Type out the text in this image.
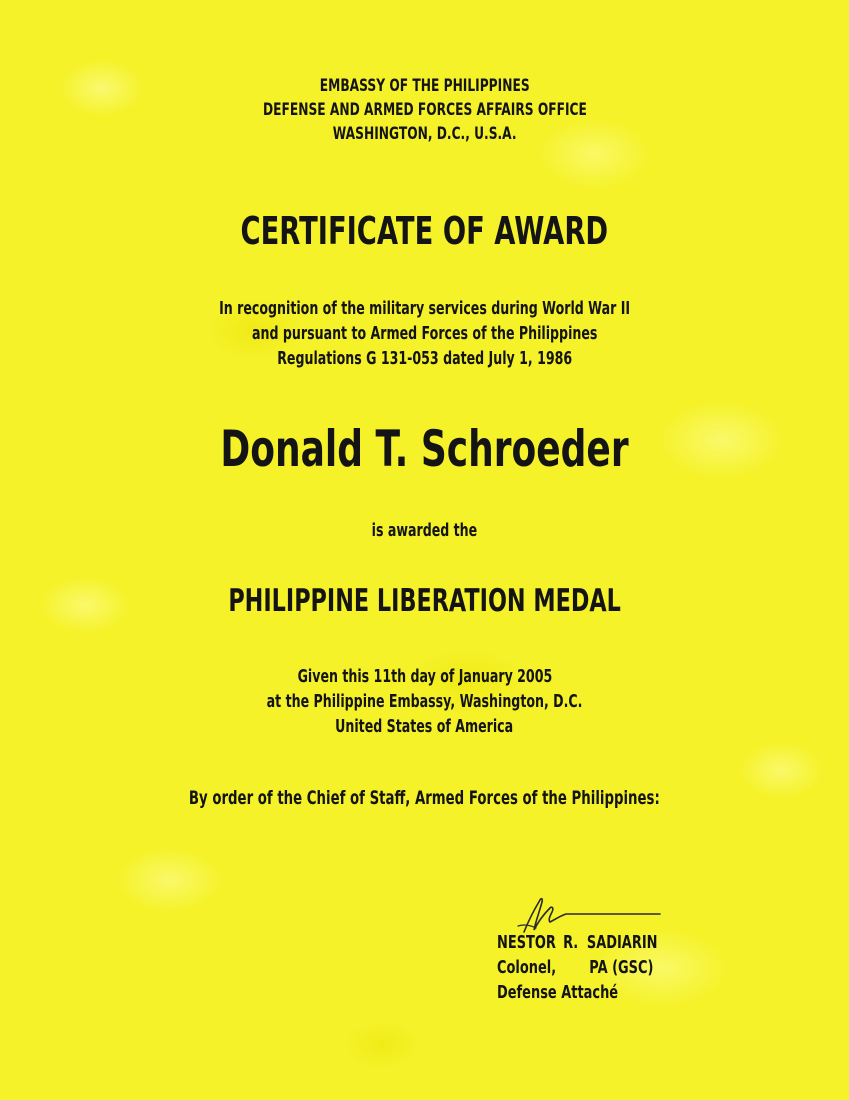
EMBASSY OF THE PHILIPPINES
DEFENSE AND ARMED FORCES AFFAIRS OFFICE
WASHINGTON, D.C., U.S.A.
CERTIFICATE OF AWARD
In recognition of the military services during World War II
and pursuant to Armed Forces of the Philippines
Regulations G 131-053 dated July 1, 1986
Donald T. Schroeder
is awarded the
PHILIPPINE LIBERATION MEDAL
Given this 11th day of January 2005
at the Philippine Embassy, Washington, D.C.
United States of America
By order of the Chief of Staff, Armed Forces of the Philippines:
NESTOR R. SADIARIN
Colonel, PA (GSC)
Defense Attaché
